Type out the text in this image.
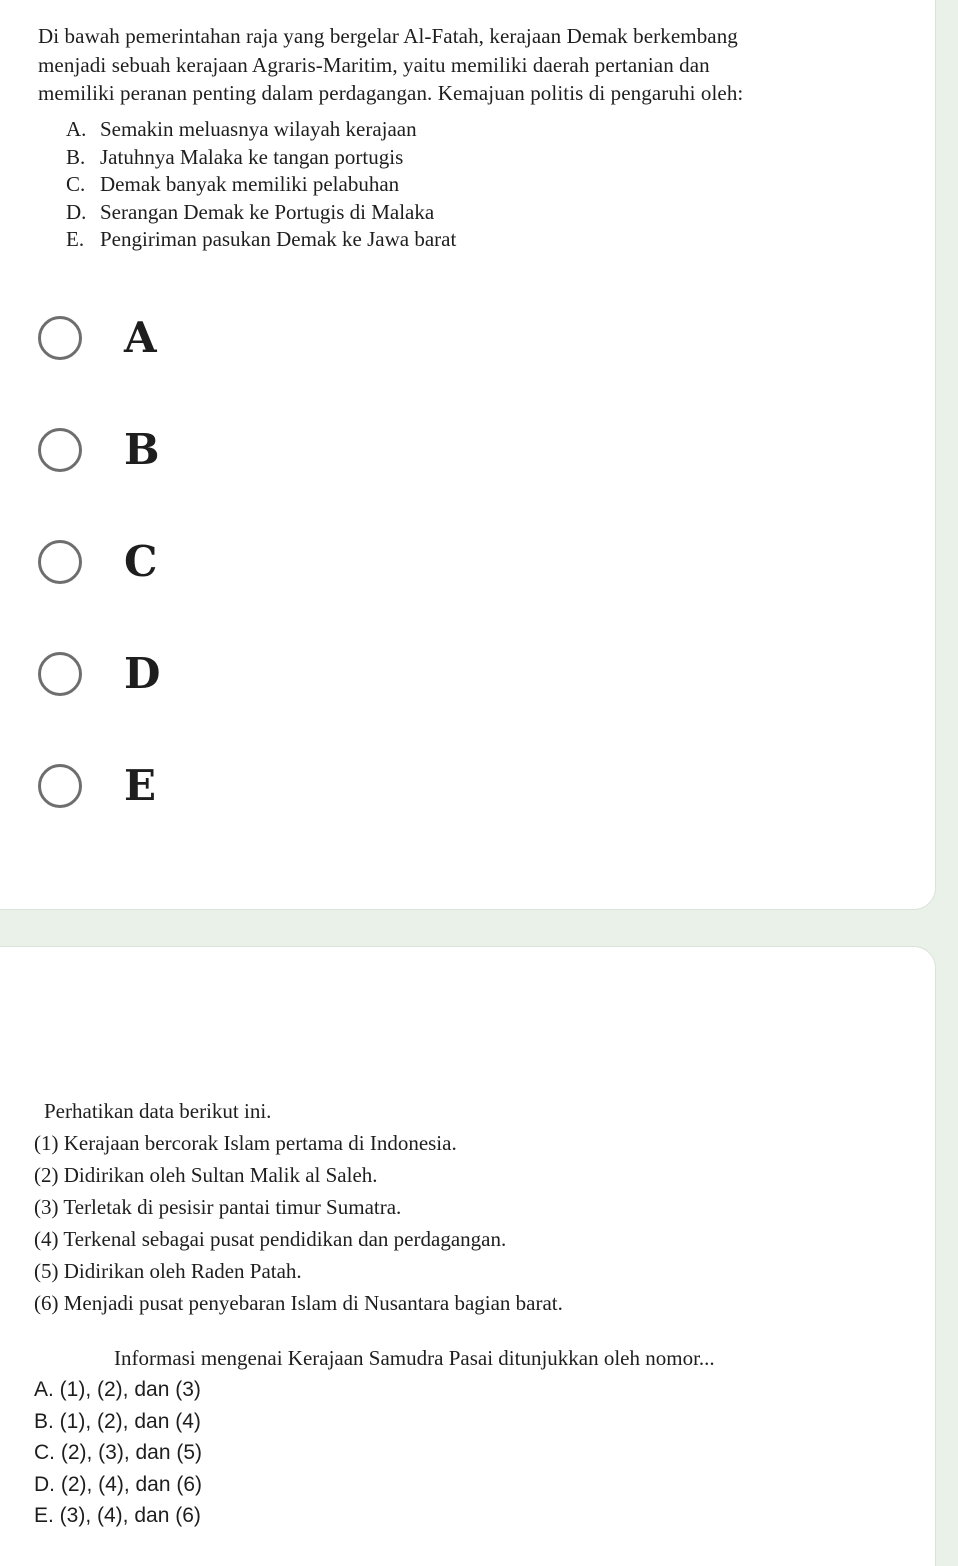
Di bawah pemerintahan raja yang bergelar Al-Fatah, kerajaan Demak berkembang

menjadi sebuah kerajaan Agraris-Maritim, yaitu memiliki daerah pertanian dan

memiliki peranan penting dalam perdagangan. Kemajuan politis di pengaruhi oleh:

A. Semakin meluasnya wilayah kerajaan
B. Jatuhnya Malaka ke tangan portugis
C. Demak banyak memiliki pelabuhan
D. Serangan Demak ke Portugis di Malaka
E. Pengiriman pasukan Demak ke Jawa barat
A
B
C
D
E
Perhatikan data berikut ini.
(1) Kerajaan bercorak Islam pertama di Indonesia.
(2) Didirikan oleh Sultan Malik al Saleh.
(3) Terletak di pesisir pantai timur Sumatra.
(4) Terkenal sebagai pusat pendidikan dan perdagangan.
(5) Didirikan oleh Raden Patah.
(6) Menjadi pusat penyebaran Islam di Nusantara bagian barat.
Informasi mengenai Kerajaan Samudra Pasai ditunjukkan oleh nomor...
A. (1), (2), dan (3)
B. (1), (2), dan (4)
C. (2), (3), dan (5)
D. (2), (4), dan (6)
E. (3), (4), dan (6)
